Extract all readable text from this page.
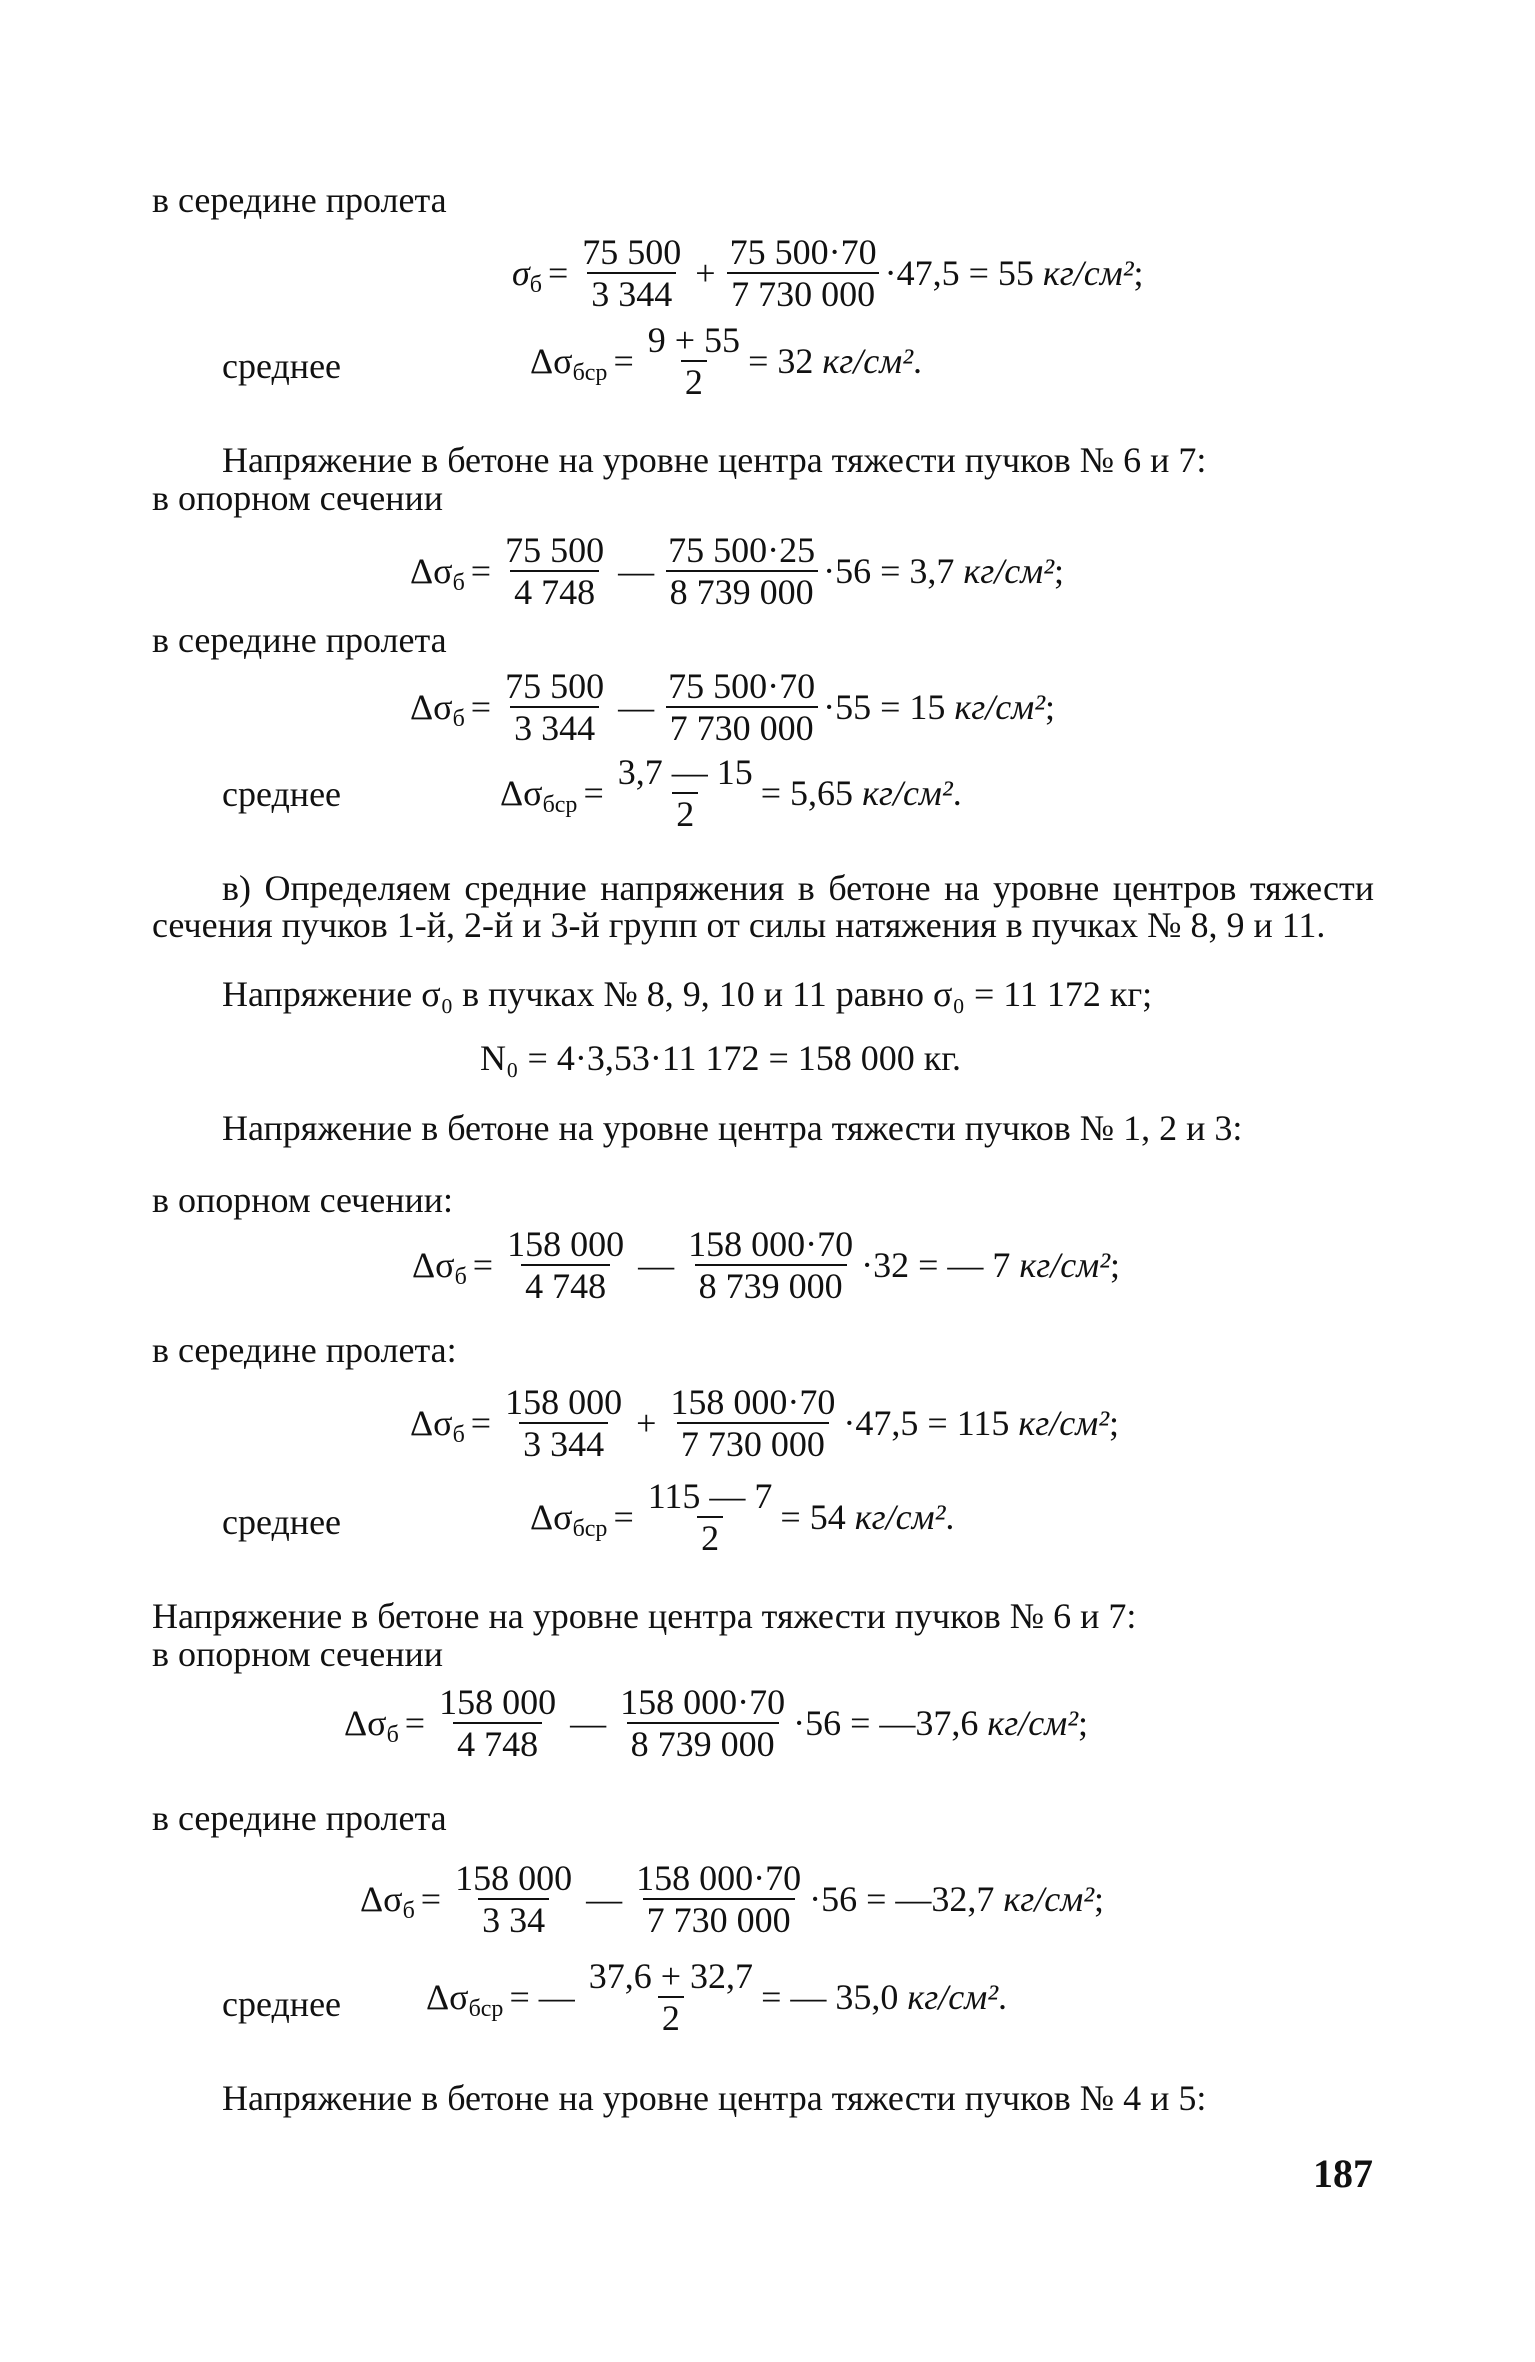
в середине пролета
σ $б = \frac{75 500}{3 344} + \frac{75 500\cdot 70}{7 730 000} \cdot 47,5 = 55$
кг/см² ;
среднее	Δσ бср = $\frac{9 + 55}{2} = 32$
кг/см² .
Напряжение в бетоне на уровне центра тяжести пучков № 6 и 7:
в опорном сечении
Δσ $б = \frac{75 500}{4 748}$ — $\frac{75 500\cdot 25}{8 739 000} \cdot 56 = 3,7$
кг/см² ;
в середине пролета
Δσ $б = \frac{75 500}{3 344}$ — $\frac{75 500\cdot 70}{7 730 000} \cdot 55 = 15$
кг/см² ;
среднее	Δσ бср = $\frac{3,7 — 15}{2} = 5,65$
кг/см² .
в) Определяем средние напряжения в бетоне на уровне центров тяжести сечения пучков 1-й, 2-й и 3-й групп от силы натяжения в пучках № 8, 9 и 11.
Напряжение σ₀ в пучках № 8, 9, 10 и 11 равно σ₀ = 11 172 кг;
N₀ = 4·3,53·11 172 = 158 000 кг.
Напряжение в бетоне на уровне центра тяжести пучков № 1, 2 и 3:
в опорном сечении:
Δσ $б = \frac{158 000}{4 748}$ — $\frac{158 000\cdot 70}{8 739 000} \cdot 32$ = — 7
кг/см² ;
в середине пролета:
Δσ $б = \frac{158 000}{3 344} + \frac{158 000\cdot 70}{7 730 000} \cdot 47,5 = 115$
кг/см² ;
среднее	Δσ бср = $\frac{115 — 7}{2} = 54$
кг/см² .
Напряжение в бетоне на уровне центра тяжести пучков № 6 и 7:
в опорном сечении
Δσ $б = \frac{158 000}{4 748}$ — $\frac{158 000\cdot 70}{8 739 000} \cdot 56$ = —37,6
кг/см² ;
в середине пролета
Δσ $б = \frac{158 000}{3 34}$ — $\frac{158 000\cdot 70}{7 730 000} \cdot 56$ = —32,7
кг/см² ;
среднее Δσ бср = — $\frac{37,6 + 32,7}{2}$ = — 35,0
кг/см² .
Напряжение в бетоне на уровне центра тяжести пучков № 4 и 5:
187
